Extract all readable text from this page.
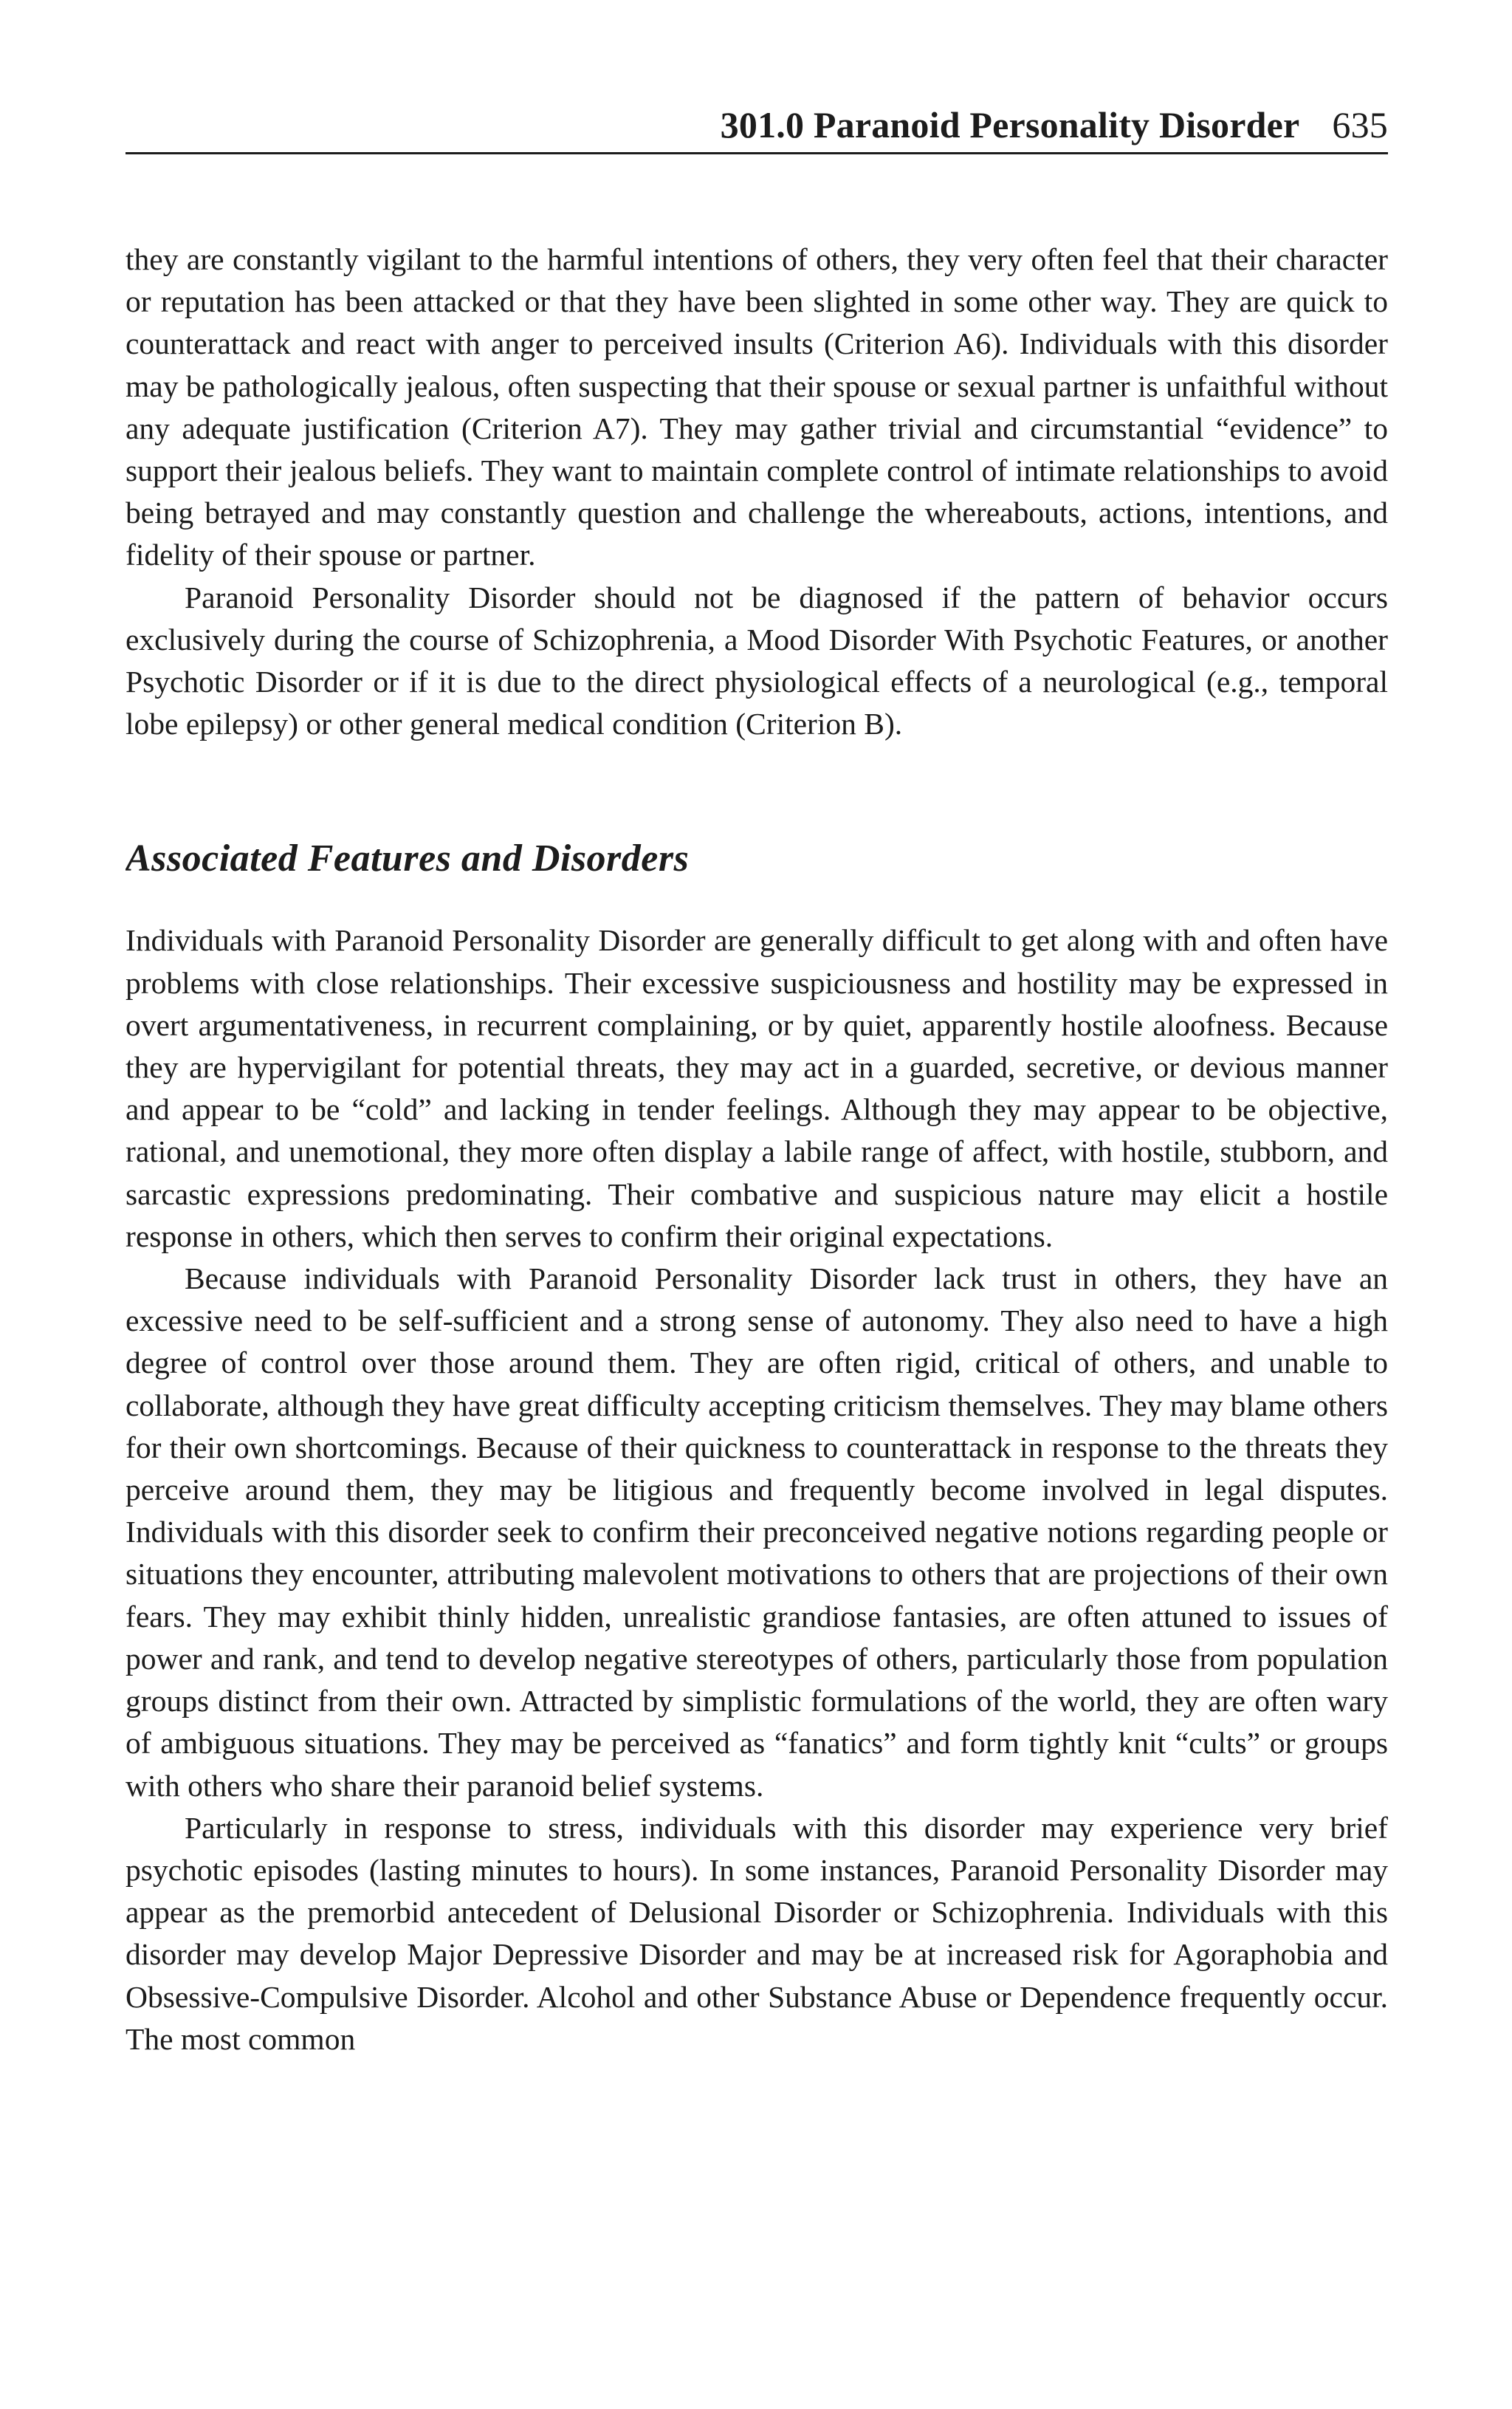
301.0 Paranoid Personality Disorder 635

they are constantly vigilant to the harmful intentions of others, they very often feel that their character or reputation has been attacked or that they have been slighted in some other way. They are quick to counterattack and react with anger to perceived insults (Criterion A6). Individuals with this disorder may be pathologically jealous, often suspecting that their spouse or sexual partner is unfaithful without any adequate justification (Criterion A7). They may gather trivial and circumstantial “evidence” to support their jealous beliefs. They want to maintain complete control of intimate relationships to avoid being betrayed and may constantly question and challenge the whereabouts, actions, intentions, and fidelity of their spouse or partner.

Paranoid Personality Disorder should not be diagnosed if the pattern of behavior occurs exclusively during the course of Schizophrenia, a Mood Disorder With Psychotic Features, or another Psychotic Disorder or if it is due to the direct physiological effects of a neurological (e.g., temporal lobe epilepsy) or other general medical condition (Criterion B).

Associated Features and Disorders

Individuals with Paranoid Personality Disorder are generally difficult to get along with and often have problems with close relationships. Their excessive suspiciousness and hostility may be expressed in overt argumentativeness, in recurrent complaining, or by quiet, apparently hostile aloofness. Because they are hypervigilant for potential threats, they may act in a guarded, secretive, or devious manner and appear to be “cold” and lacking in tender feelings. Although they may appear to be objective, rational, and unemotional, they more often display a labile range of affect, with hostile, stubborn, and sarcastic expressions predominating. Their combative and suspicious nature may elicit a hostile response in others, which then serves to confirm their original expectations.

Because individuals with Paranoid Personality Disorder lack trust in others, they have an excessive need to be self-sufficient and a strong sense of autonomy. They also need to have a high degree of control over those around them. They are often rigid, critical of others, and unable to collaborate, although they have great difficulty accepting criticism themselves. They may blame others for their own shortcomings. Because of their quickness to counterattack in response to the threats they perceive around them, they may be litigious and frequently become involved in legal disputes. Individuals with this disorder seek to confirm their preconceived negative notions regarding people or situations they encounter, attributing malevolent motivations to others that are projections of their own fears. They may exhibit thinly hidden, unrealistic grandiose fantasies, are often attuned to issues of power and rank, and tend to develop negative stereotypes of others, particularly those from population groups distinct from their own. Attracted by simplistic formulations of the world, they are often wary of ambiguous situations. They may be perceived as “fanatics” and form tightly knit “cults” or groups with others who share their paranoid belief systems.

Particularly in response to stress, individuals with this disorder may experience very brief psychotic episodes (lasting minutes to hours). In some instances, Paranoid Personality Disorder may appear as the premorbid antecedent of Delusional Disorder or Schizophrenia. Individuals with this disorder may develop Major Depressive Disorder and may be at increased risk for Agoraphobia and Obsessive-Compulsive Disorder. Alcohol and other Substance Abuse or Dependence frequently occur. The most common
